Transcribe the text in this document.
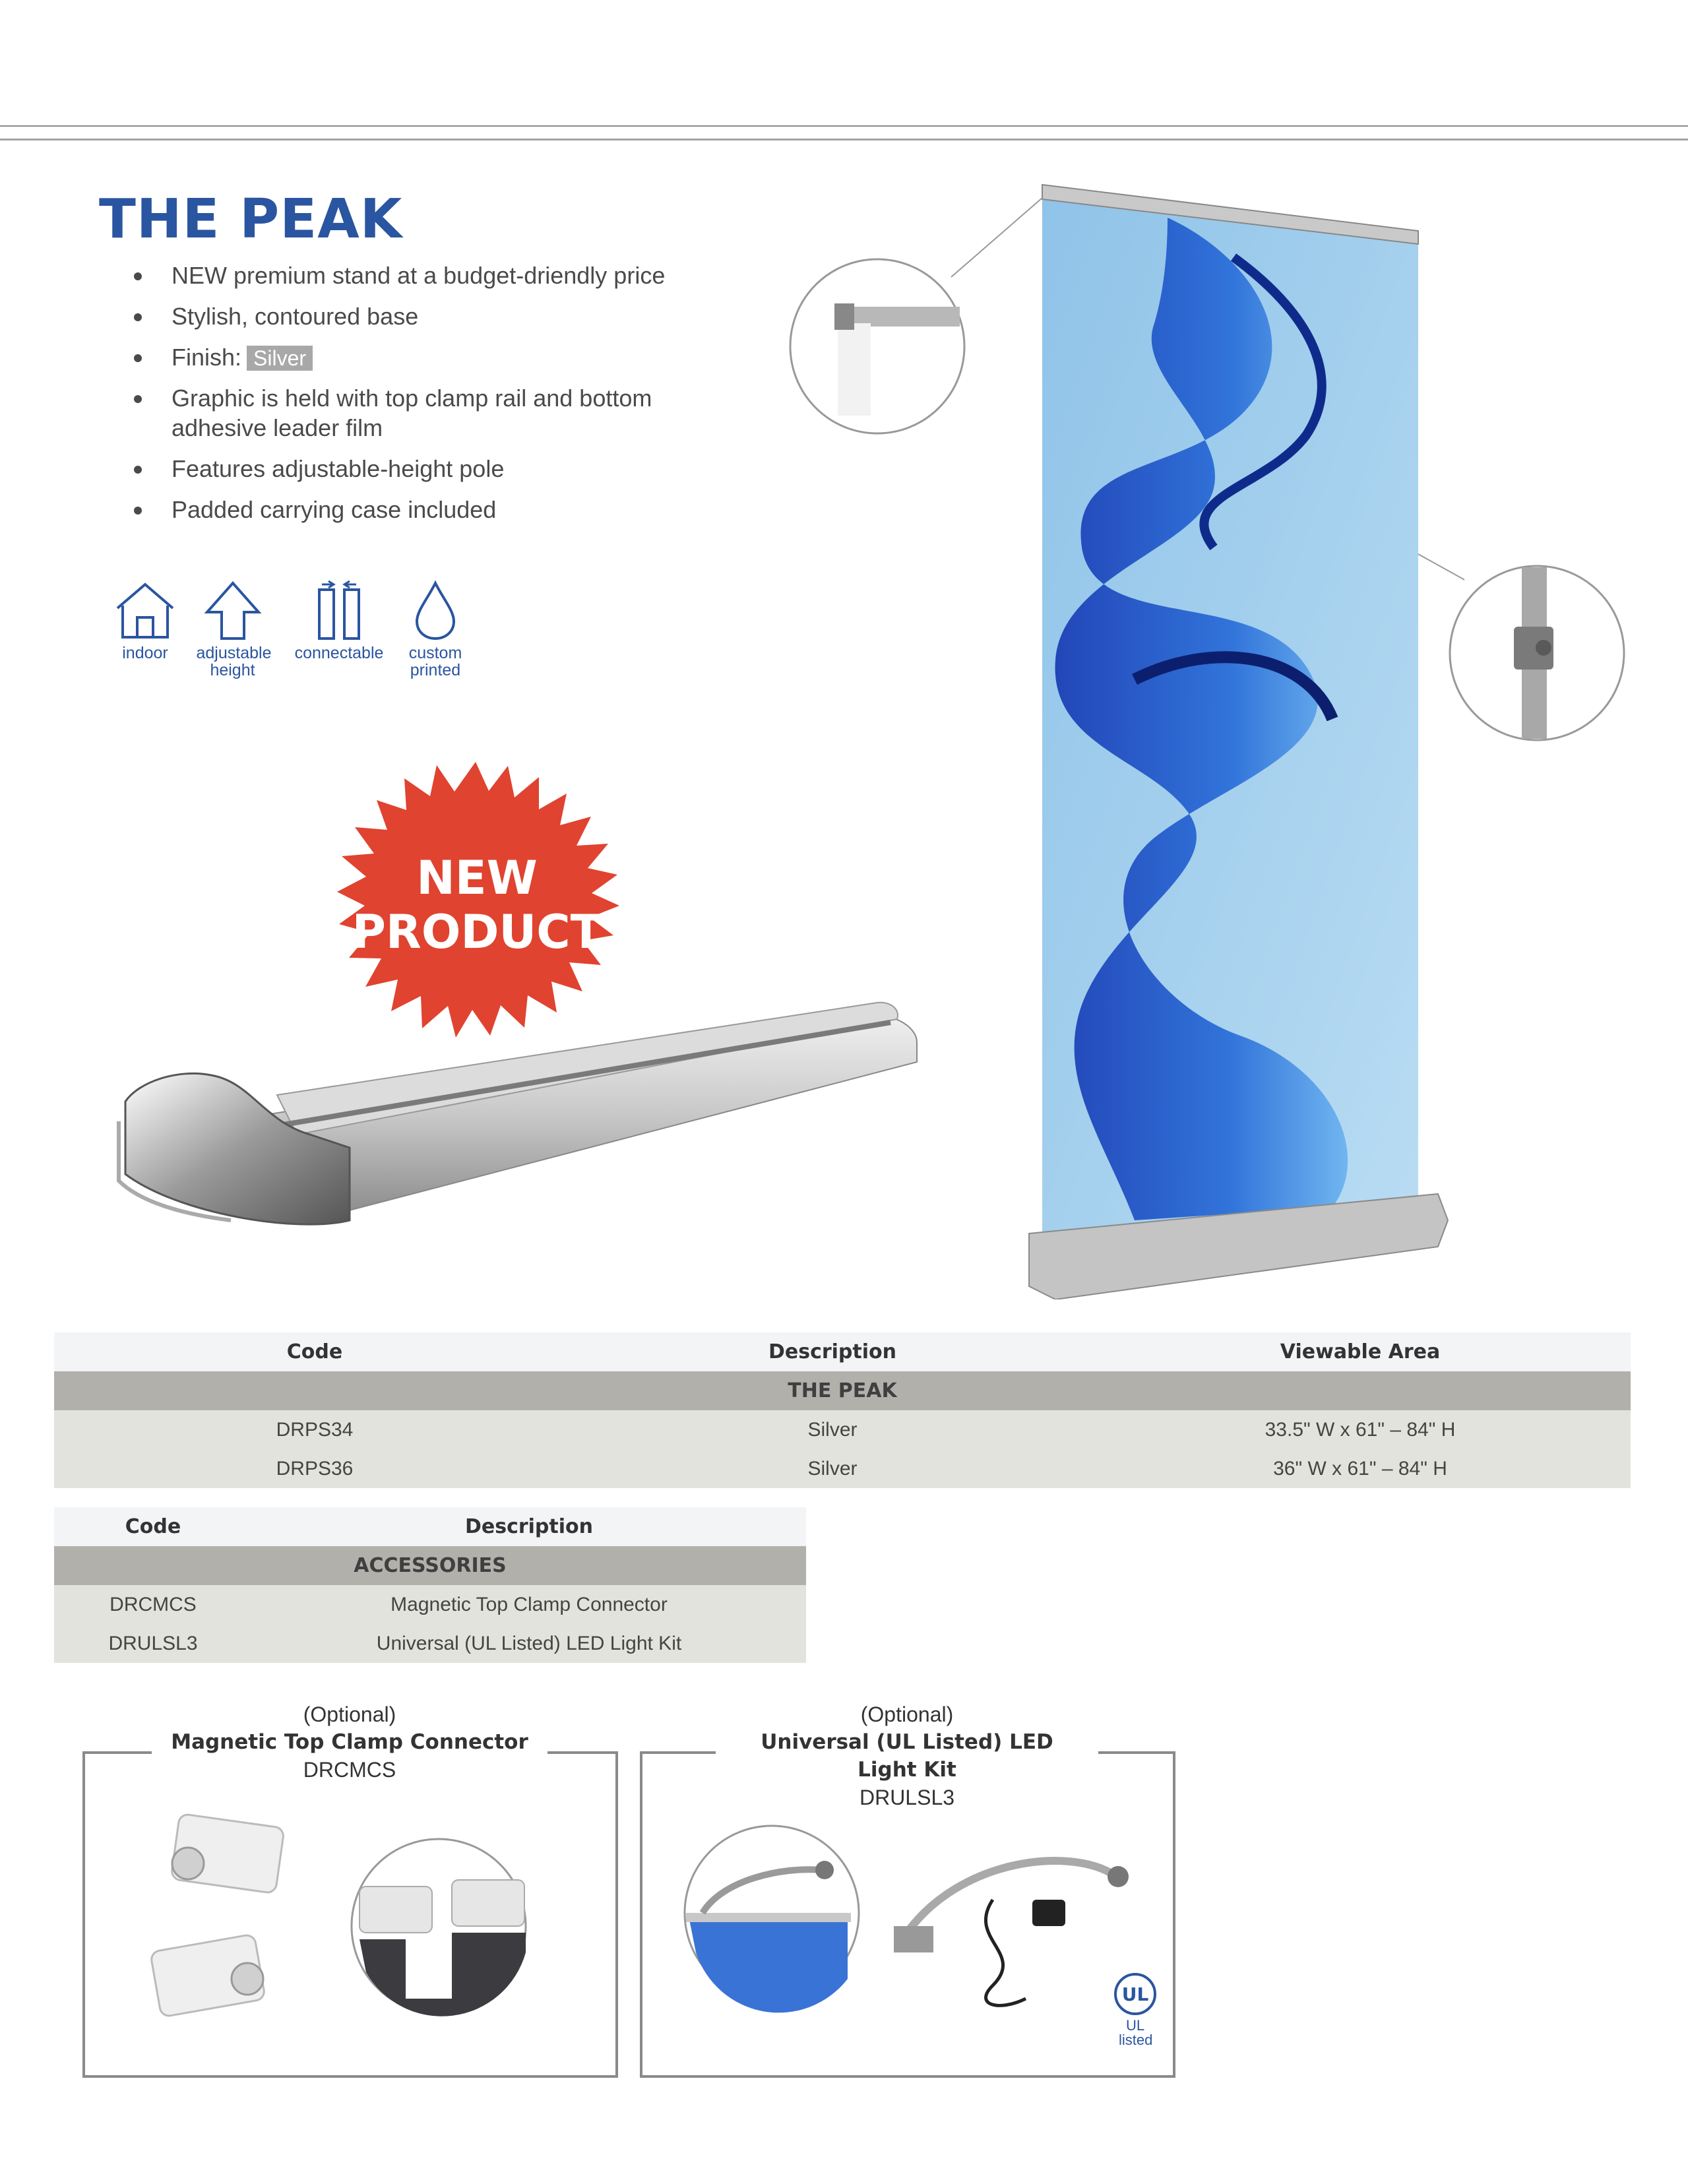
THE PEAK
NEW premium stand at a budget-driendly price
Stylish, contoured base
Finish: Silver
Graphic is held with top clamp rail and bottom adhesive leader film
Features adjustable-height pole
Padded carrying case included
indoor	adjustable height
connectable	custom printed
NEW
PRODUCT
Code	Description	Viewable Area
THE PEAK		
DRPS34	Silver	33.5" W x 61" – 84" H
DRPS36	Silver	36" W x 61" – 84" H
Code	Description
ACCESSORIES	
DRCMCS	Magnetic Top Clamp Connector
DRULSL3	Universal (UL Listed) LED Light Kit
(Optional)
Magnetic Top Clamp Connector
DRCMCS
(Optional)
Universal (UL Listed) LED Light Kit
DRULSL3
UL
UL listed
